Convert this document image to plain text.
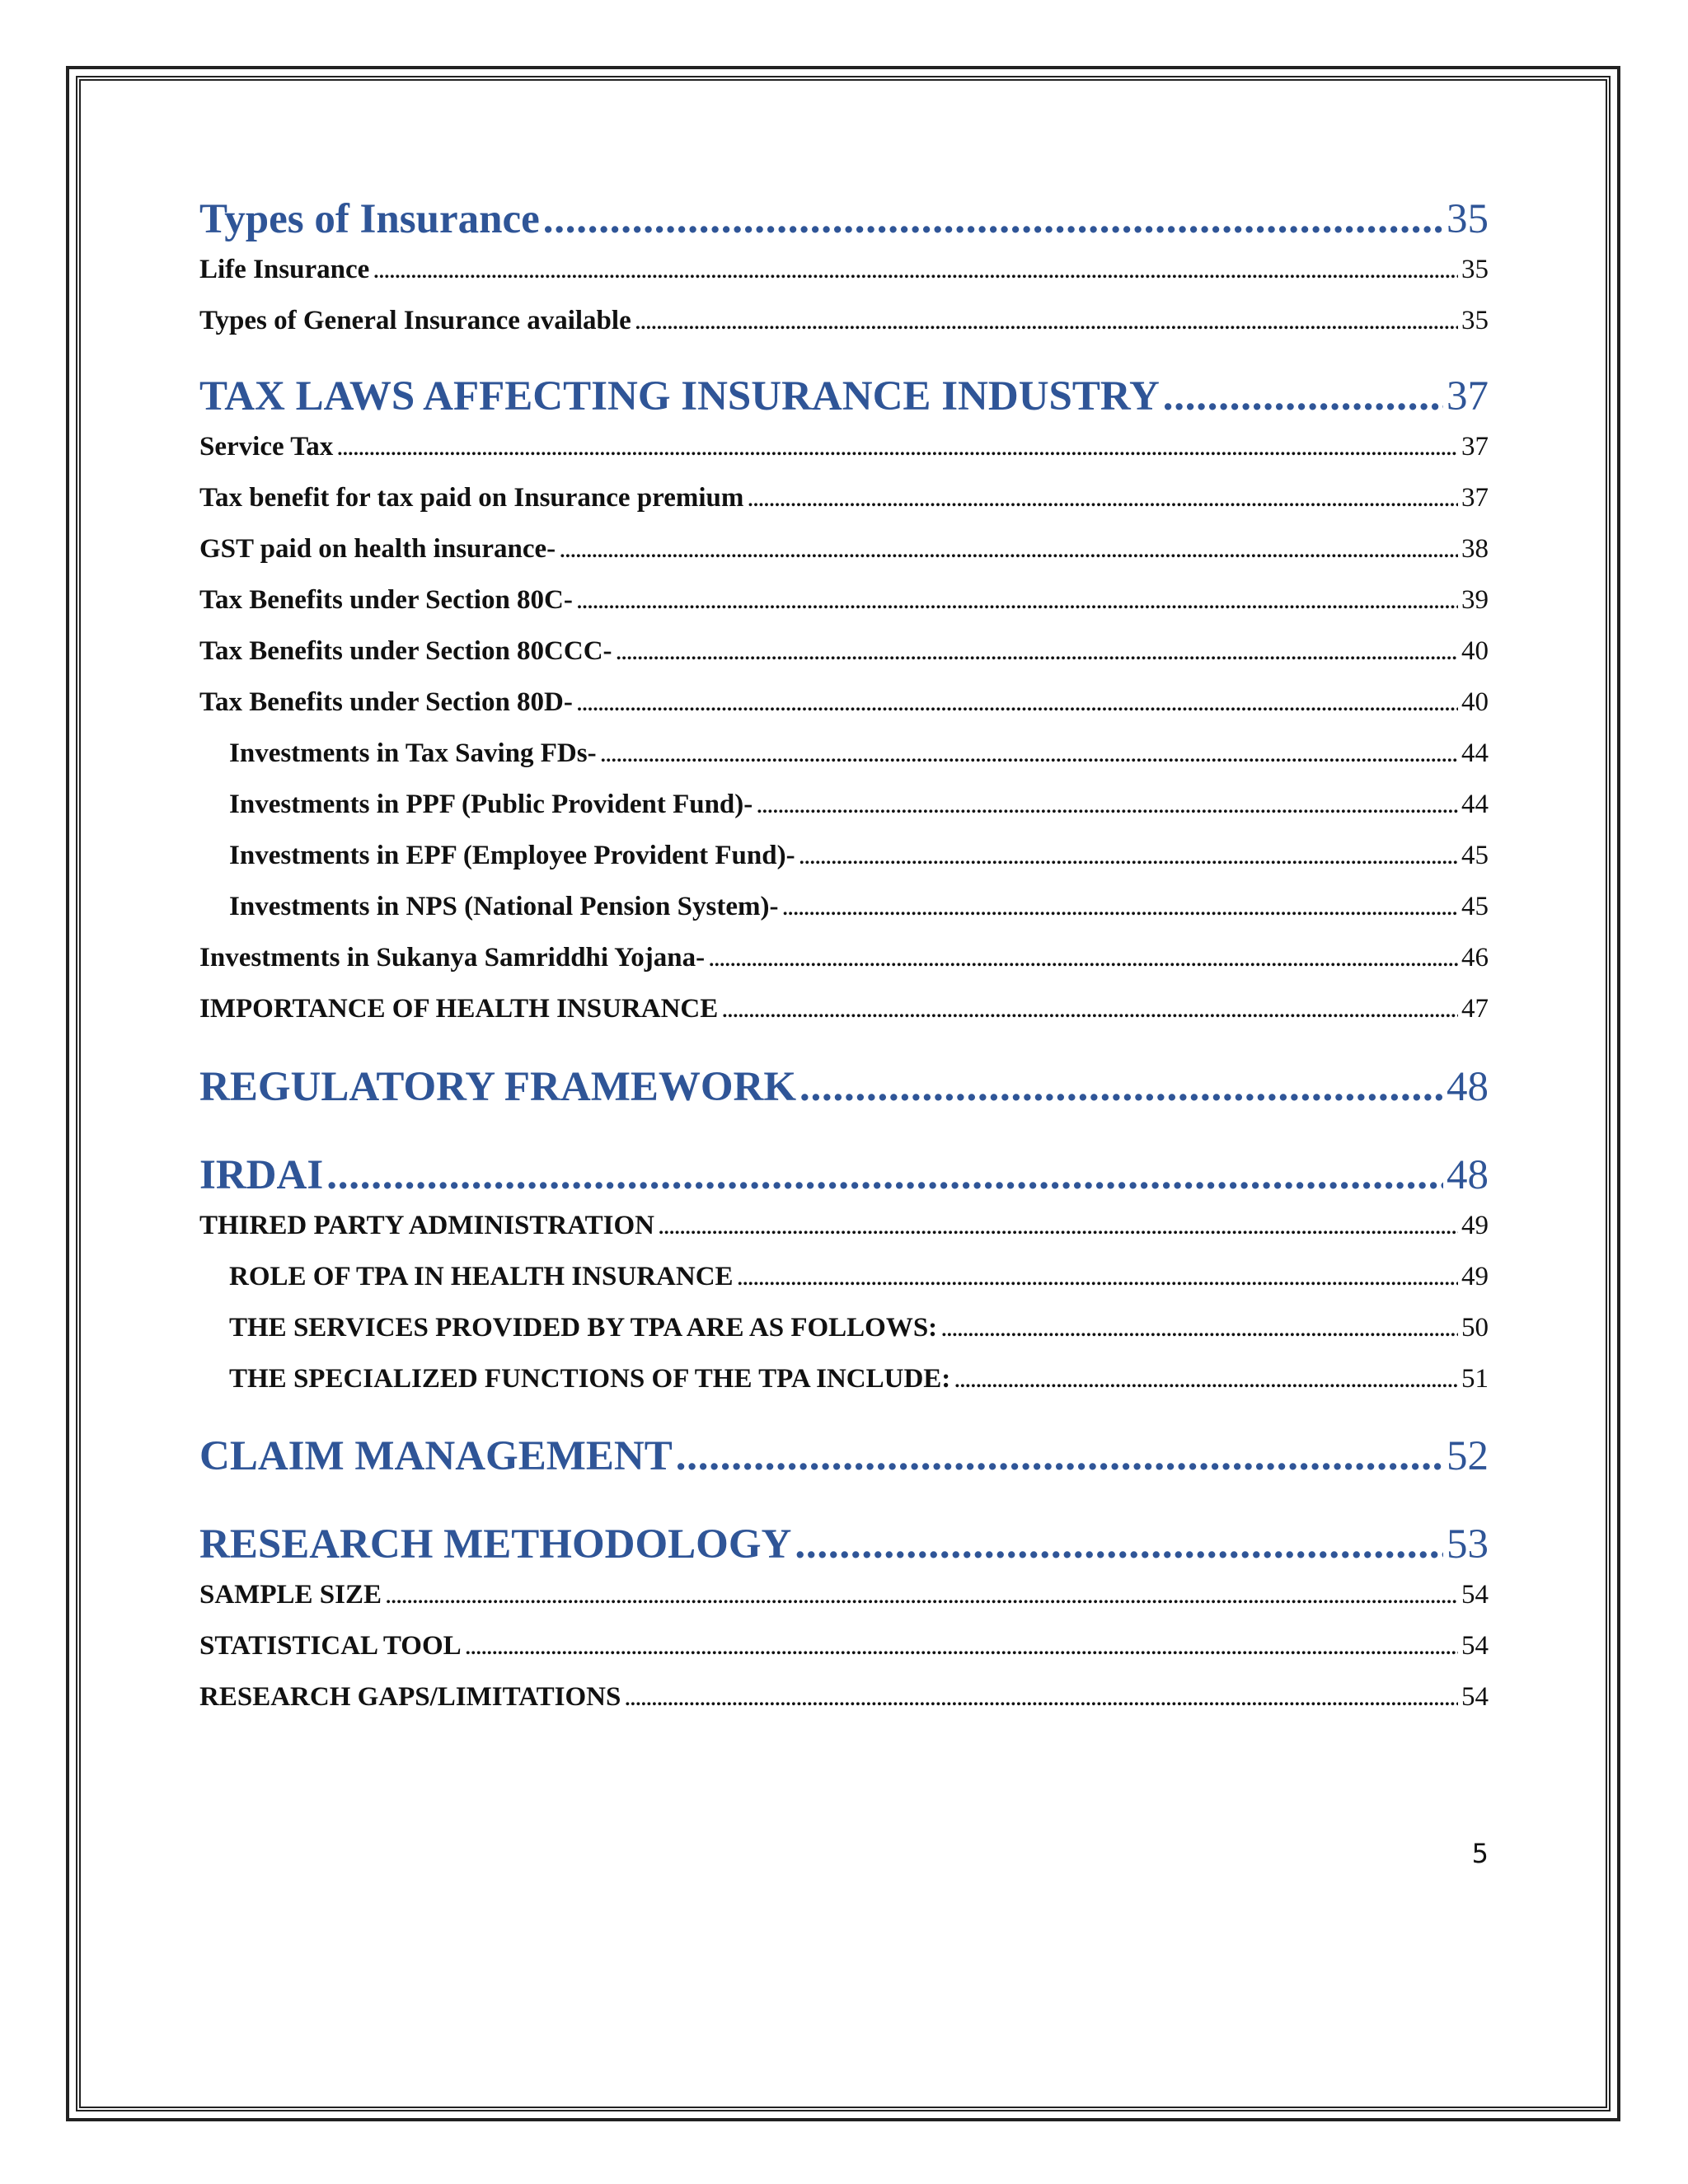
Types of Insurance . . .	35
Life Insurance . . .	35
Types of General Insurance available . . .	35
TAX LAWS AFFECTING INSURANCE INDUSTRY . . .	37
Service Tax . . .	37
Tax benefit for tax paid on Insurance premium . . .	37
GST paid on health insurance- . . .	38
Tax Benefits under Section 80C- . . .	39
Tax Benefits under Section 80CCC- . . .	40
Tax Benefits under Section 80D- . . .	40
Investments in Tax Saving FDs- . . .	44
Investments in PPF (Public Provident Fund)- . . .	44
Investments in EPF (Employee Provident Fund)- . . .	45
Investments in NPS (National Pension System)- . . .	45
Investments in Sukanya Samriddhi Yojana- . . .	46
IMPORTANCE OF HEALTH INSURANCE . . .	47
REGULATORY FRAMEWORK . . .	48
IRDAI . . .	48
THIRED PARTY ADMINISTRATION . . .	49
ROLE OF TPA IN HEALTH INSURANCE . . .	49
THE SERVICES PROVIDED BY TPA ARE AS FOLLOWS: . . .	50
THE SPECIALIZED FUNCTIONS OF THE TPA INCLUDE: . . .	51
CLAIM MANAGEMENT . . .	52
RESEARCH METHODOLOGY . . .	53
SAMPLE SIZE . . .	54
STATISTICAL TOOL . . .	54
RESEARCH GAPS/LIMITATIONS . . .	54
5
